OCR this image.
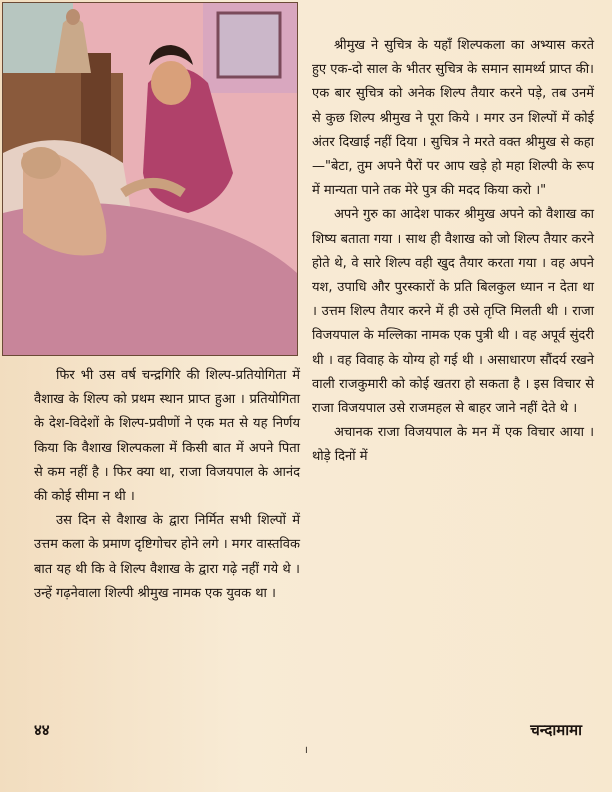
फिर भी उस वर्ष चन्द्रगिरि की शिल्प-प्रतियोगिता में वैशाख के शिल्प को प्रथम स्थान प्राप्त हुआ । प्रतियोगिता के देश-विदेशों के शिल्प-प्रवीणों ने एक मत से यह निर्णय किया कि वैशाख शिल्पकला में किसी बात में अपने पिता से कम नहीं है । फिर क्या था, राजा विजयपाल के आनंद की कोई सीमा न थी ।

उस दिन से वैशाख के द्वारा निर्मित सभी शिल्पों में उत्तम कला के प्रमाण दृष्टिगोचर होने लगे । मगर वास्तविक बात यह थी कि वे शिल्प वैशाख के द्वारा गढ़े नहीं गये थे । उन्हें गढ़नेवाला शिल्पी श्रीमुख नामक एक युवक था ।

श्रीमुख ने सुचित्र के यहाँ शिल्पकला का अभ्यास करते हुए एक-दो साल के भीतर सुचित्र के समान सामर्थ्य प्राप्त की। एक बार सुचित्र को अनेक शिल्प तैयार करने पड़े, तब उनमें से कुछ शिल्प श्रीमुख ने पूरा किये । मगर उन शिल्पों में कोई अंतर दिखाई नहीं दिया । सुचित्र ने मरते वक्त श्रीमुख से कहा—"बेटा, तुम अपने पैरों पर आप खड़े हो महा शिल्पी के रूप में मान्यता पाने तक मेरे पुत्र की मदद किया करो ।"

अपने गुरु का आदेश पाकर श्रीमुख अपने को वैशाख का शिष्य बताता गया । साथ ही वैशाख को जो शिल्प तैयार करने होते थे, वे सारे शिल्प वही खुद तैयार करता गया । वह अपने यश, उपाधि और पुरस्कारों के प्रति बिलकुल ध्यान न देता था । उत्तम शिल्प तैयार करने में ही उसे तृप्ति मिलती थी । राजा विजयपाल के मल्लिका नामक एक पुत्री थी । वह अपूर्व सुंदरी थी । वह विवाह के योग्य हो गई थी । असाधारण सौंदर्य रखने वाली राजकुमारी को कोई खतरा हो सकता है । इस विचार से राजा विजयपाल उसे राजमहल से बाहर जाने नहीं देते थे ।

अचानक राजा विजयपाल के मन में एक विचार आया । थोड़े दिनों में

४४
।
चन्दामामा
